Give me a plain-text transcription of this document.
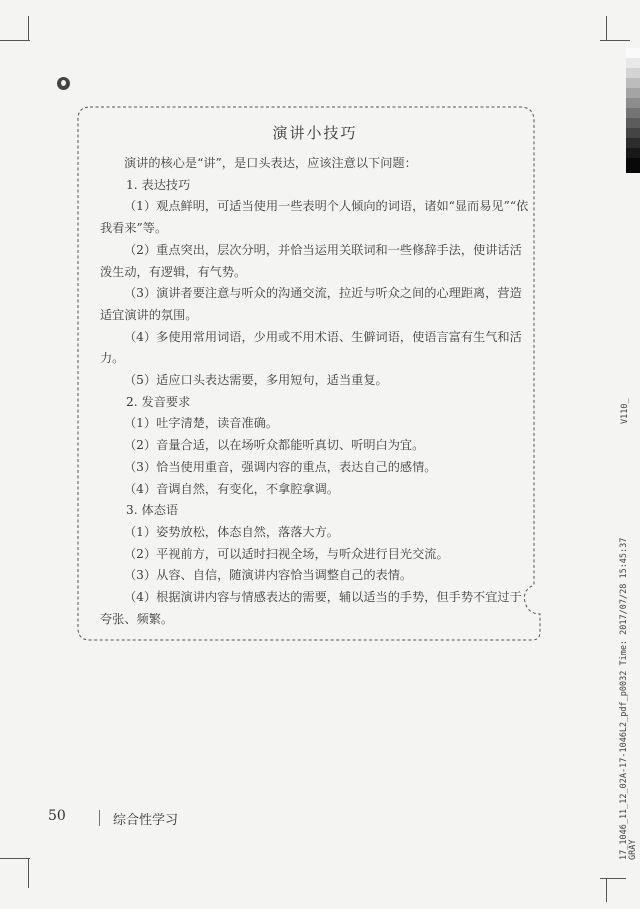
演讲小技巧

演讲的核心是“讲”，是口头表达，应该注意以下问题：

1. 表达技巧

（1）观点鲜明，可适当使用一些表明个人倾向的词语，诸如“显而易见”“依我看来”等。

（2）重点突出，层次分明，并恰当运用关联词和一些修辞手法，使讲话活泼生动，有逻辑，有气势。

（3）演讲者要注意与听众的沟通交流，拉近与听众之间的心理距离，营造适宜演讲的氛围。

（4）多使用常用词语，少用或不用术语、生僻词语，使语言富有生气和活力。

（5）适应口头表达需要，多用短句，适当重复。

2. 发音要求

（1）吐字清楚，读音准确。

（2）音量合适，以在场听众都能听真切、听明白为宜。

（3）恰当使用重音，强调内容的重点，表达自己的感情。

（4）音调自然，有变化，不拿腔拿调。

3. 体态语

（1）姿势放松，体态自然，落落大方。

（2）平视前方，可以适时扫视全场，与听众进行目光交流。

（3）从容、自信，随演讲内容恰当调整自己的表情。

（4）根据演讲内容与情感表达的需要，辅以适当的手势，但手势不宜过于夸张、频繁。

V110_
17_1046_11_12_02A-17-1046L2_pdf_p0032 Time: 2017/07/28 15:45:37 GRAY
50	综合性学习
